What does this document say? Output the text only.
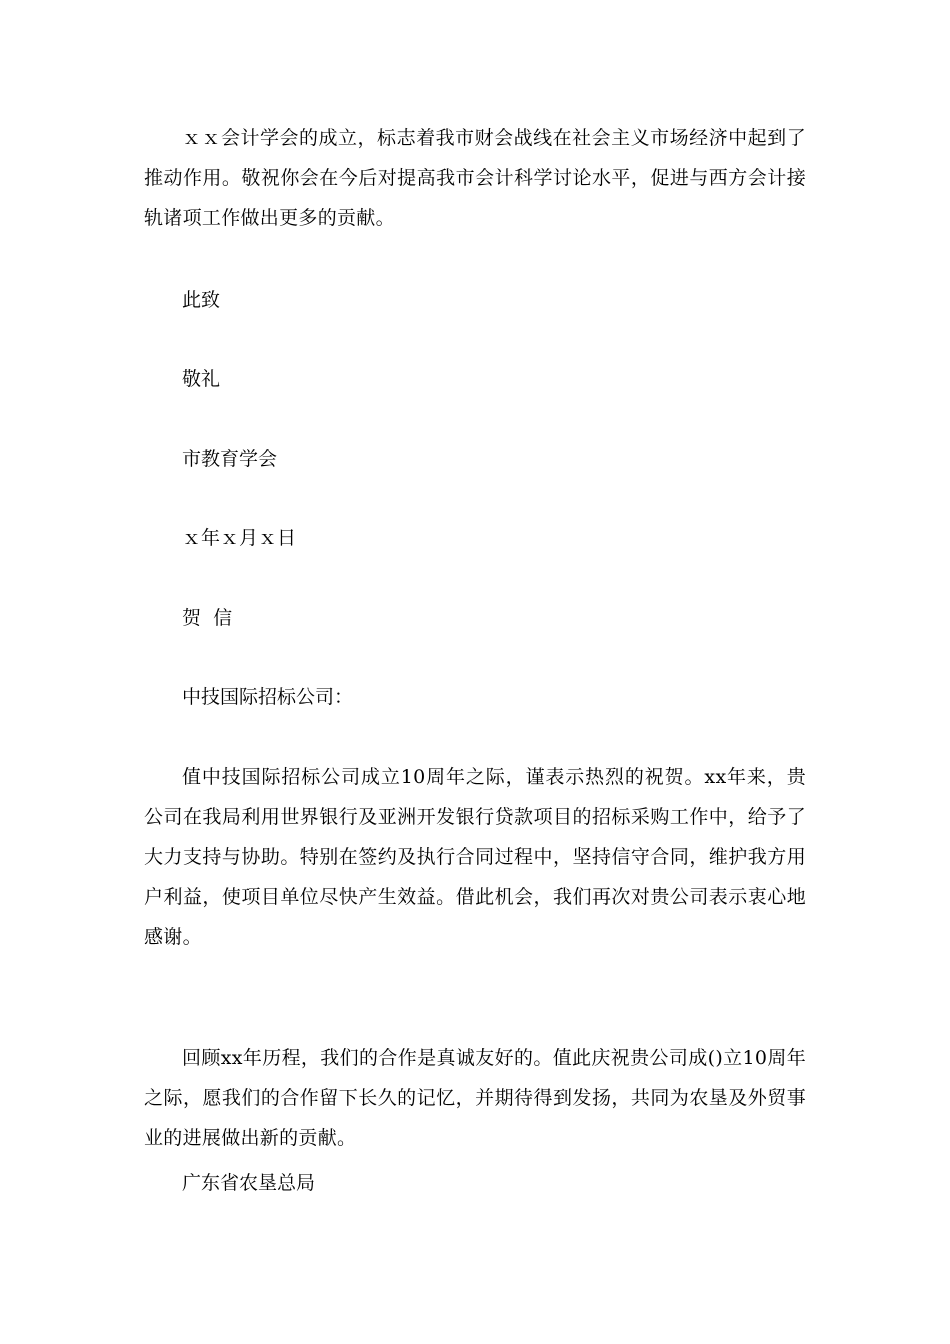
ｘｘ会计学会的成立，标志着我市财会战线在社会主义市场经济中起到了推动作用。敬祝你会在今后对提高我市会计科学讨论水平，促进与西方会计接轨诸项工作做出更多的贡献。

此致

敬礼

市教育学会

ｘ年ｘ月ｘ日

贺  信

中技国际招标公司：

值中技国际招标公司成立10周年之际，谨表示热烈的祝贺。xx年来，贵公司在我局利用世界银行及亚洲开发银行贷款项目的招标采购工作中，给予了大力支持与协助。特别在签约及执行合同过程中，坚持信守合同，维护我方用户利益，使项目单位尽快产生效益。借此机会，我们再次对贵公司表示衷心地感谢。

回顾xx年历程，我们的合作是真诚友好的。值此庆祝贵公司成()立10周年之际，愿我们的合作留下长久的记忆，并期待得到发扬，共同为农垦及外贸事业的进展做出新的贡献。

广东省农垦总局
